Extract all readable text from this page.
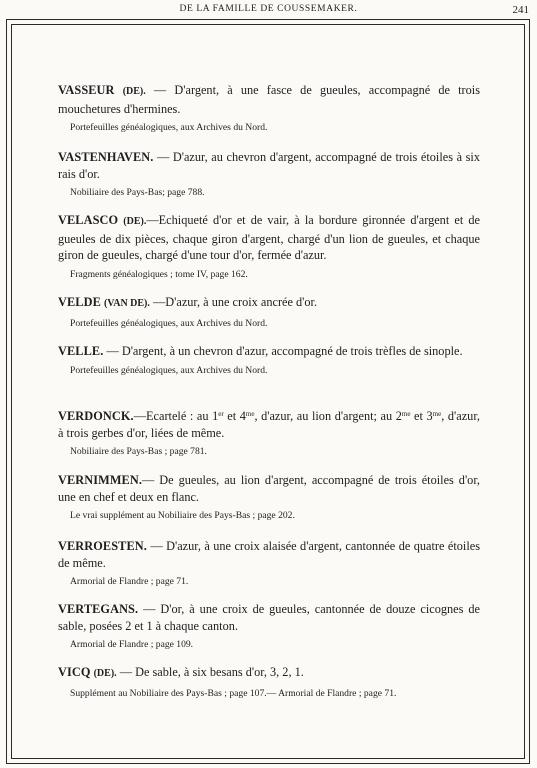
DE LA FAMILLE DE COUSSEMAKER.	241

VASSEUR (DE). — D'argent, à une fasce de gueules, accompagné de trois mouchetures d'hermines.

Portefeuilles généalogiques, aux Archives du Nord.

VASTENHAVEN. — D'azur, au chevron d'argent, accompagné de trois étoiles à six rais d'or.

Nobiliaire des Pays-Bas; page 788.

VELASCO (DE).—Echiqueté d'or et de vair, à la bordure gironnée d'argent et de gueules de dix pièces, chaque giron d'argent, chargé d'un lion de gueules, et chaque giron de gueules, chargé d'une tour d'or, fermée d'azur.

Fragments généalogiques ; tome IV, page 162.

VELDE (VAN DE). —D'azur, à une croix ancrée d'or.

Portefeuilles généalogiques, aux Archives du Nord.

VELLE. — D'argent, à un chevron d'azur, accompagné de trois trèfles de sinople.

Portefeuilles généalogiques, aux Archives du Nord.

VERDONCK.—Ecartelé : au 1er et $4^{me}$, d'azur, au lion d'argent; au $2^{me}$ et $3^{me}$, d'azur, à trois gerbes d'or, liées de même.

Nobiliaire des Pays-Bas ; page 781.

VERNIMMEN.— De gueules, au lion d'argent, accompagné de trois étoiles d'or, une en chef et deux en flanc.

Le vrai supplément au Nobiliaire des Pays-Bas ; page 202.

VERROESTEN. — D'azur, à une croix alaisée d'argent, cantonnée de quatre étoiles de même.

Armorial de Flandre ; page 71.

VERTEGANS. — D'or, à une croix de gueules, cantonnée de douze cicognes de sable, posées 2 et 1 à chaque canton.

Armorial de Flandre ; page 109.

VICQ (DE). — De sable, à six besans d'or, 3, 2, 1.

Supplément au Nobiliaire des Pays-Bas ; page 107.— Armorial de Flandre ; page 71.
